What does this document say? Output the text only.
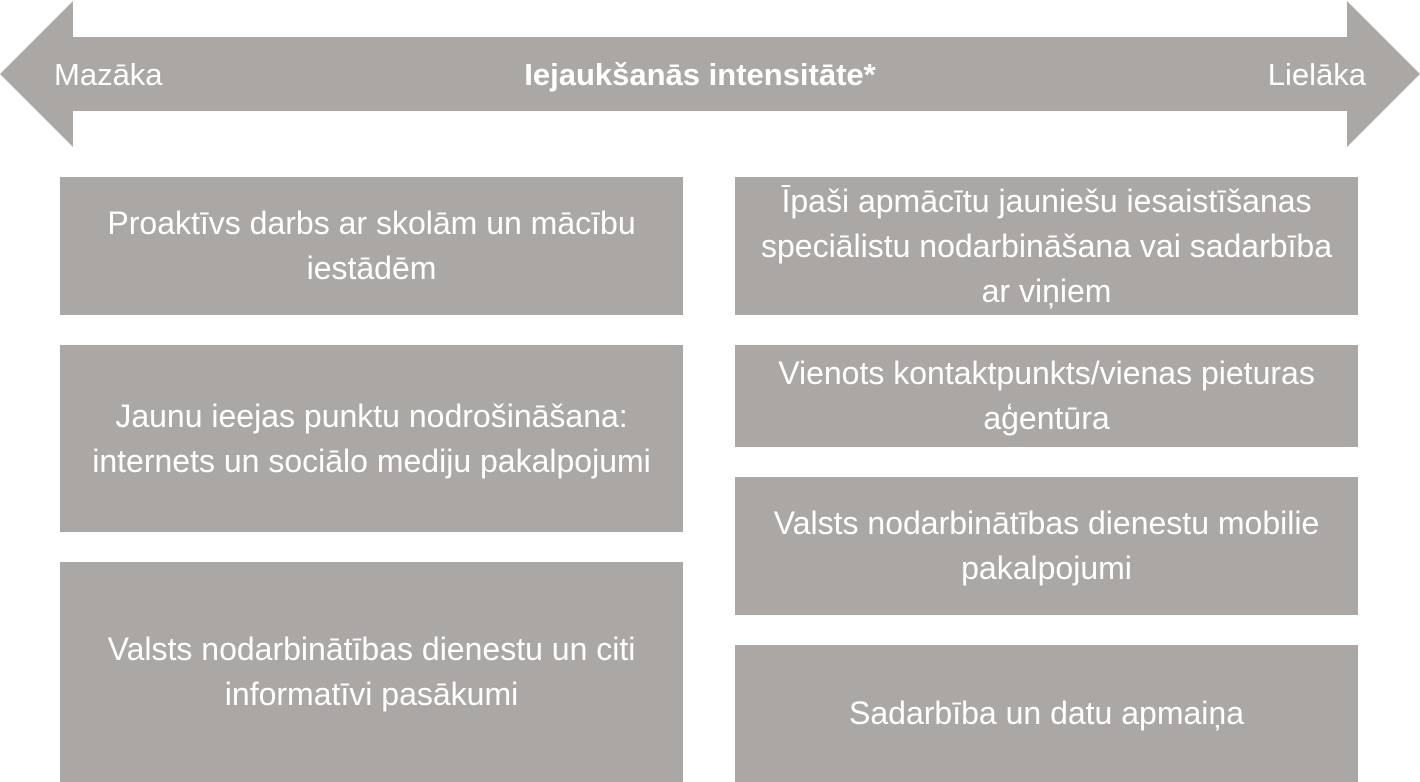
Mazāka	Iejaukšanās intensitāte*	Lielāka
Proaktīvs darbs ar skolām un mācību iestādēm
Jaunu ieejas punktu nodrošināšana: internets un sociālo mediju pakalpojumi
Valsts nodarbinātības dienestu un citi informatīvi pasākumi
Īpaši apmācītu jauniešu iesaistīšanas speciālistu nodarbināšana vai sadarbība ar viņiem
Vienots kontaktpunkts/vienas pieturas aģentūra
Valsts nodarbinātības dienestu mobilie pakalpojumi
Sadarbība un datu apmaiņa
